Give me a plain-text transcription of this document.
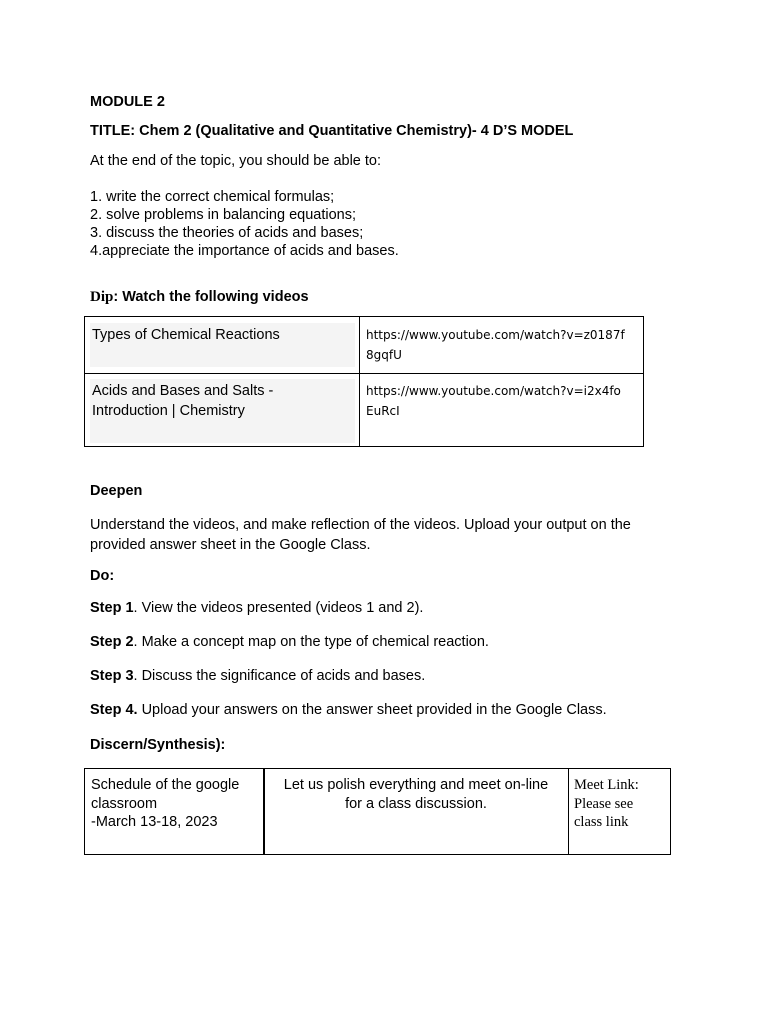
MODULE 2
TITLE: Chem 2 (Qualitative and Quantitative Chemistry)- 4 D’S MODEL
At the end of the topic, you should be able to:
1. write the correct chemical formulas;
2. solve problems in balancing equations;
3. discuss the theories of acids and bases;
4.appreciate the importance of acids and bases.
Dip: Watch the following videos
Types of Chemical Reactions	https://www.youtube.com/watch?v=z0187f
8gqfU
Acids and Bases and Salts -
Introduction | Chemistry
https://www.youtube.com/watch?v=i2x4fo
EuRcI
Deepen
Understand the videos, and make reflection of the videos. Upload your output on the
provided answer sheet in the Google Class.
Do:
Step 1. View the videos presented (videos 1 and 2).
Step 2. Make a concept map on the type of chemical reaction.
Step 3. Discuss the significance of acids and bases.
Step 4. Upload your answers on the answer sheet provided in the Google Class.
Discern/Synthesis):
Schedule of the google
classroom
-March 13-18, 2023
Let us polish everything and meet on-line
for a class discussion.
Meet Link:
Please see
class link
